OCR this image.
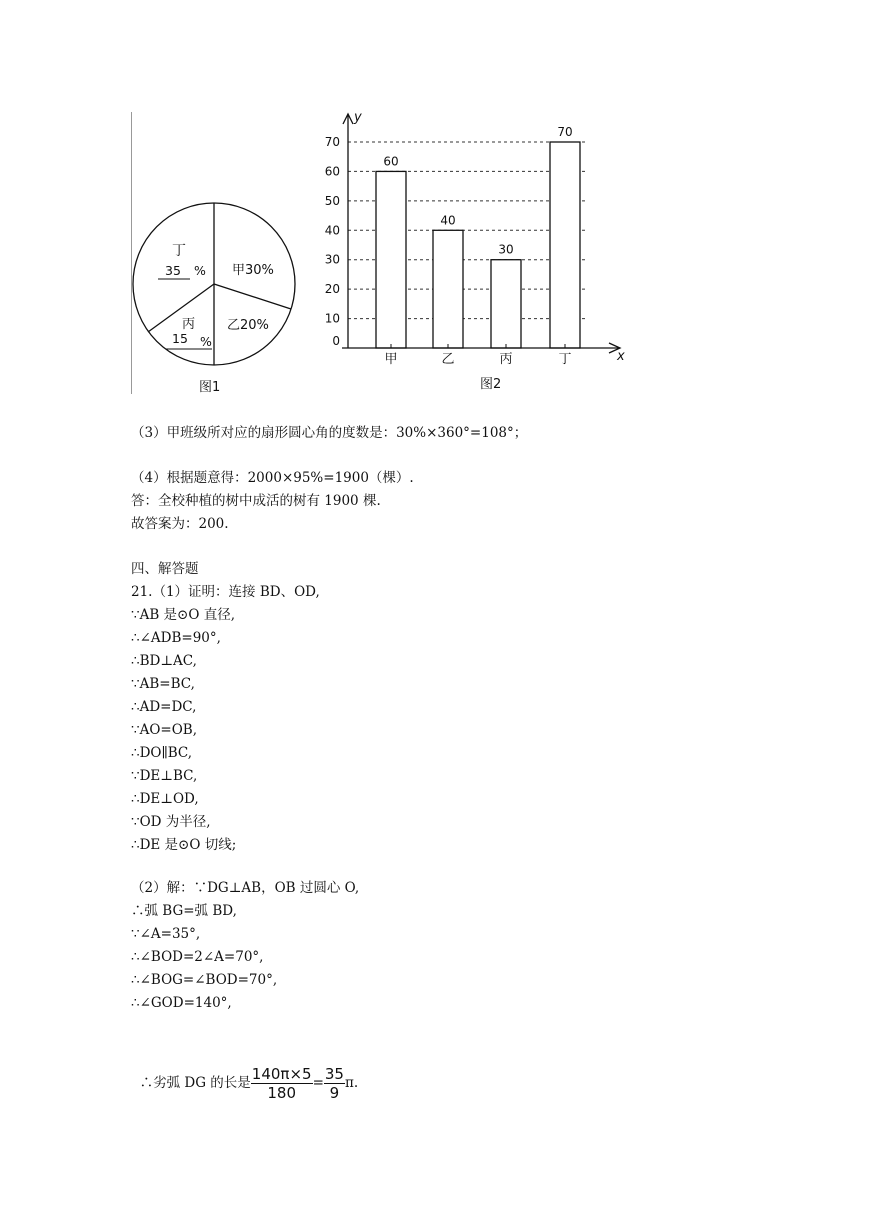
甲30%
乙20%
丁
35 %
丙
15 %
图1
0
10
20
30
40
50
60
70
60
40
30
70
甲	乙	丙	丁
y
x
图2
（3）甲班级所对应的扇形圆心角的度数是：30%×360°=108°；
（4）根据题意得：2000×95%=1900（棵）.
答：全校种植的树中成活的树有 1900 棵.
故答案为：200.
四、解答题
21.（1）证明：连接 BD、OD,
∵AB 是⊙O 直径,
∴∠ADB=90°,
∴BD⊥AC,
∵AB=BC,
∴AD=DC,
∵AO=OB,
∴DO∥BC,
∵DE⊥BC,
∴DE⊥OD,
∵OD 为半径,
∴DE 是⊙O 切线;
（2）解：∵DG⊥AB，OB 过圆心 O,
∴弧 BG=弧 BD,
∵∠A=35°,
∴∠BOD=2∠A=70°,
∴∠BOG=∠BOD=70°,
∴∠GOD=140°,

∴劣弧 DG 的长是 $\frac{140\pi\times 5}{180} = \frac{35}{9} \pi$.
